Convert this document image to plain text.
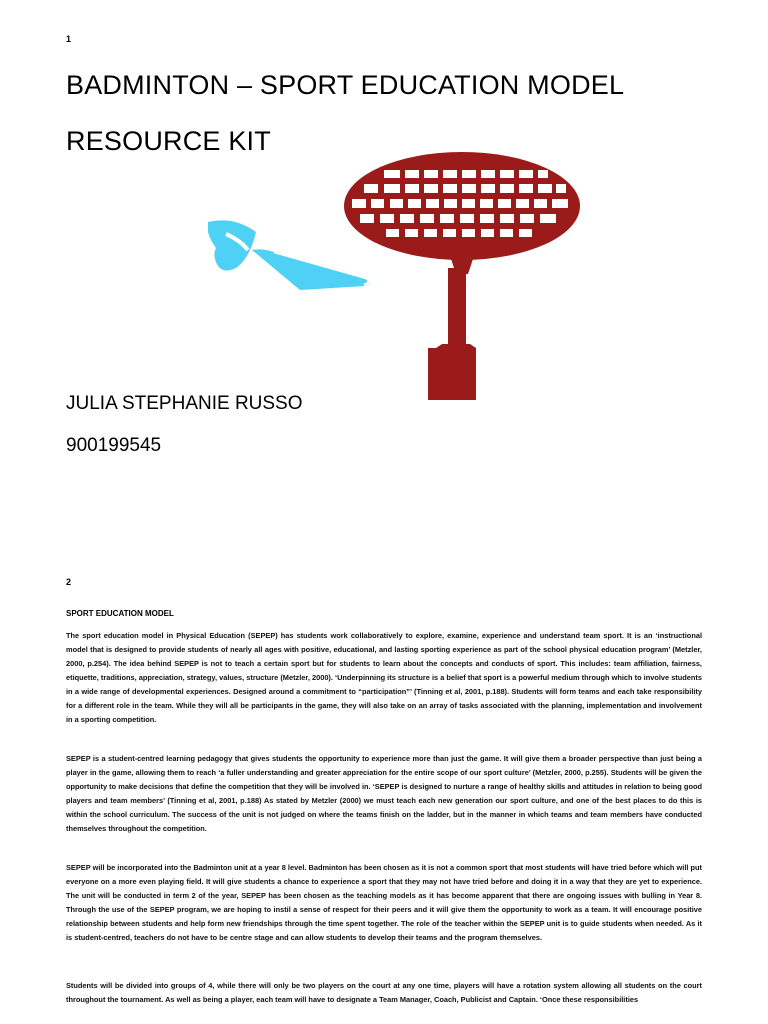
1
BADMINTON – SPORT EDUCATION MODEL
RESOURCE KIT
JULIA STEPHANIE RUSSO
900199545
2
SPORT EDUCATION MODEL
The sport education model in Physical Education (SEPEP) has students work collaboratively to explore, examine, experience and understand team sport. It is an ‘instructional model that is designed to provide students of nearly all ages with positive, educational, and lasting sporting experience as part of the school physical education program’ (Metzler, 2000, p.254). The idea behind SEPEP is not to teach a certain sport but for students to learn about the concepts and conducts of sport. This includes: team affiliation, fairness, etiquette, traditions, appreciation, strategy, values, structure (Metzler, 2000). ‘Underpinning its structure is a belief that sport is a powerful medium through which to involve students in a wide range of developmental experiences. Designed around a commitment to “participation”’ (Tinning et al, 2001, p.188). Students will form teams and each take responsibility for a different role in the team. While they will all be participants in the game, they will also take on an array of tasks associated with the planning, implementation and involvement in a sporting competition.
SEPEP is a student-centred learning pedagogy that gives students the opportunity to experience more than just the game. It will give them a broader perspective than just being a player in the game, allowing them to reach ‘a fuller understanding and greater appreciation for the entire scope of our sport culture’ (Metzler, 2000, p.255). Students will be given the opportunity to make decisions that define the competition that they will be involved in. ‘SEPEP is designed to nurture a range of healthy skills and attitudes in relation to being good players and team members’ (Tinning et al, 2001, p.188) As stated by Metzler (2000) we must teach each new generation our sport culture, and one of the best places to do this is within the school curriculum. The success of the unit is not judged on where the teams finish on the ladder, but in the manner in which teams and team members have conducted themselves throughout the competition.
SEPEP will be incorporated into the Badminton unit at a year 8 level. Badminton has been chosen as it is not a common sport that most students will have tried before which will put everyone on a more even playing field. It will give students a chance to experience a sport that they may not have tried before and doing it in a way that they are yet to experience. The unit will be conducted in term 2 of the year, SEPEP has been chosen as the teaching models as it has become apparent that there are ongoing issues with bulling in Year 8. Through the use of the SEPEP program, we are hoping to instil a sense of respect for their peers and it will give them the opportunity to work as a team. It will encourage positive relationship between students and help form new friendships through the time spent together. The role of the teacher within the SEPEP unit is to guide students when needed. As it is student-centred, teachers do not have to be centre stage and can allow students to develop their teams and the program themselves.
Students will be divided into groups of 4, while there will only be two players on the court at any one time, players will have a rotation system allowing all students on the court throughout the tournament. As well as being a player, each team will have to designate a Team Manager, Coach, Publicist and Captain. ‘Once these responsibilities
